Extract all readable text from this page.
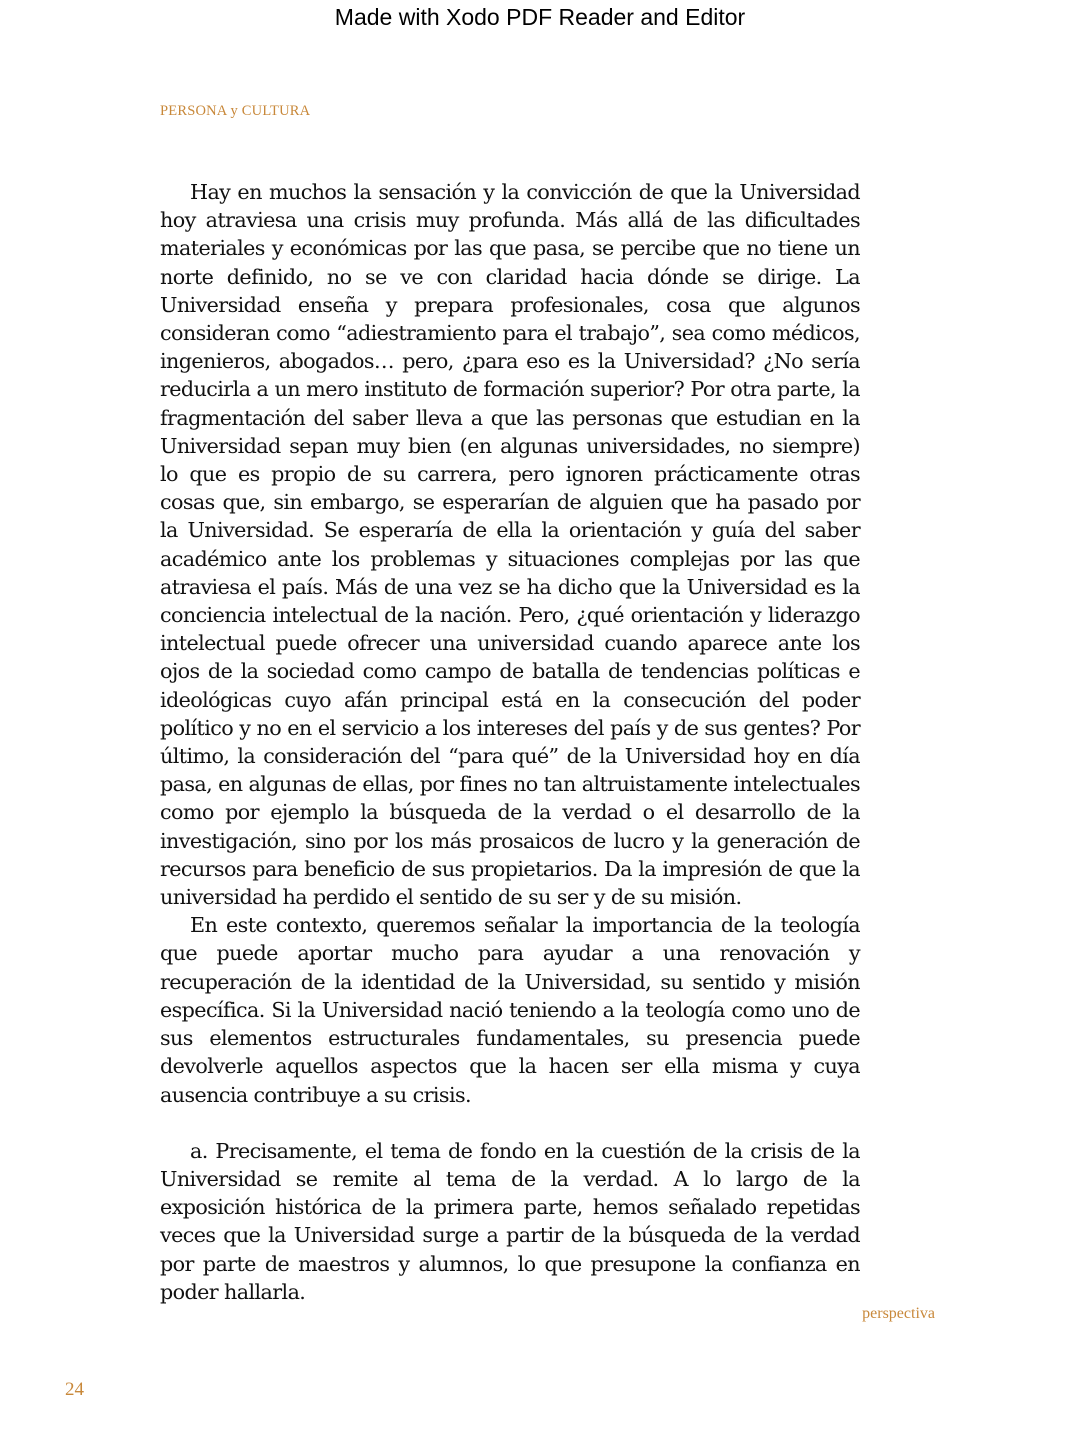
Made with Xodo PDF Reader and Editor
PERSONA y CULTURA

Hay en muchos la sensación y la convicción de que la Universidad hoy atraviesa una crisis muy profunda. Más allá de las dificultades materiales y económicas por las que pasa, se percibe que no tiene un norte definido, no se ve con claridad hacia dónde se dirige. La Universidad enseña y prepara profesionales, cosa que algunos consideran como “adiestramiento para el trabajo”, sea como médicos, ingenieros, abogados… pero, ¿para eso es la Universidad? ¿No sería reducirla a un mero instituto de formación superior? Por otra parte, la fragmentación del saber lleva a que las personas que estudian en la Universidad sepan muy bien (en algunas universidades, no siempre) lo que es propio de su carrera, pero ignoren prácticamente otras cosas que, sin embargo, se esperarían de alguien que ha pasado por la Universidad. Se esperaría de ella la orientación y guía del saber académico ante los problemas y situaciones complejas por las que atraviesa el país. Más de una vez se ha dicho que la Universidad es la conciencia intelectual de la nación. Pero, ¿qué orientación y liderazgo intelectual puede ofrecer una universidad cuando aparece ante los ojos de la sociedad como campo de batalla de tendencias políticas e ideológicas cuyo afán principal está en la consecución del poder político y no en el servicio a los intereses del país y de sus gentes? Por último, la consideración del “para qué” de la Universidad hoy en día pasa, en algunas de ellas, por fines no tan altruistamente intelectuales como por ejemplo la búsqueda de la verdad o el desarrollo de la investigación, sino por los más prosaicos de lucro y la generación de recursos para beneficio de sus propietarios. Da la impresión de que la universidad ha perdido el sentido de su ser y de su misión.

En este contexto, queremos señalar la importancia de la teología que puede aportar mucho para ayudar a una renovación y recuperación de la identidad de la Universidad, su sentido y misión específica. Si la Universidad nació teniendo a la teología como uno de sus elementos estructurales fundamentales, su presencia puede devolverle aquellos aspectos que la hacen ser ella misma y cuya ausencia contribuye a su crisis.

a. Precisamente, el tema de fondo en la cuestión de la crisis de la Universidad se remite al tema de la verdad. A lo largo de la exposición histórica de la primera parte, hemos señalado repetidas veces que la Universidad surge a partir de la búsqueda de la verdad por parte de maestros y alumnos, lo que presupone la confianza en poder hallarla.

perspectiva
24
